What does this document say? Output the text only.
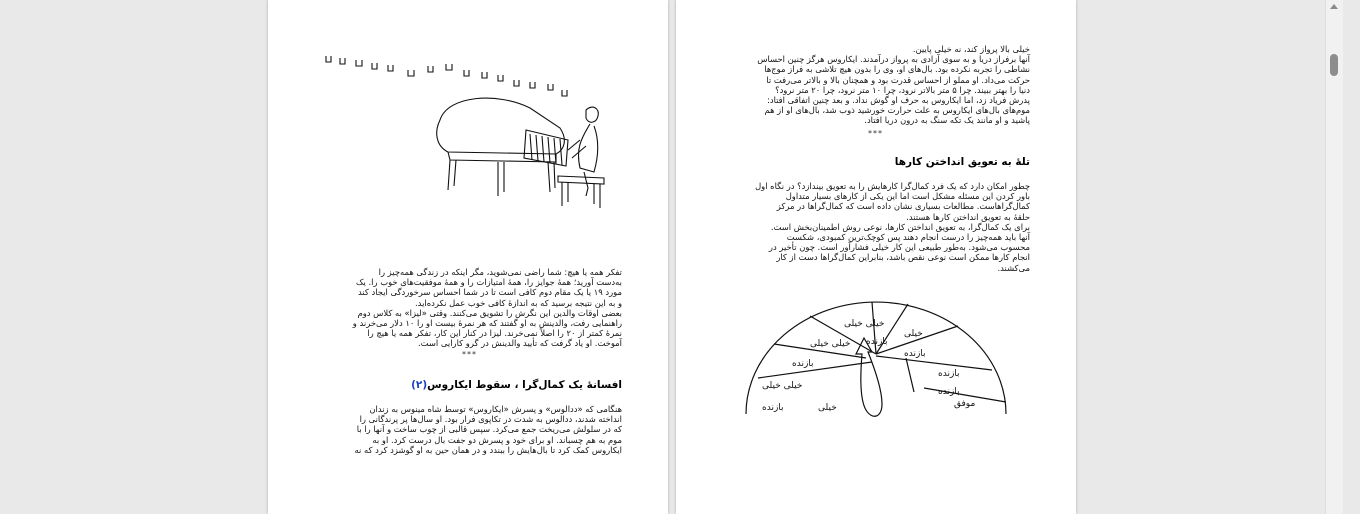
تفکر همه یا هیچ: شما راضی نمی‌شوید، مگر اینکه در زندگی همه‌چیز را
به‌دست آورید؛ همهٔ جوایز را، همهٔ امتیازات را و همهٔ موفقیت‌های خوب را. یک
مورد ۱۹ یا یک مقام دوم کافی است تا در شما احساس سرخوردگی ایجاد کند
و به این نتیجه برسید که به اندازهٔ کافی خوب عمل نکرده‌اید.
بعضی اوقات والدین این نگرش را تشویق می‌کنند. وقتی «لیزا» به کلاس دوم
راهنمایی رفت، والدینش به او گفتند که هر نمرهٔ بیست او را ۱۰ دلار می‌خرند و
نمرهٔ کمتر از ۲۰ را اصلاً نمی‌خرند. لیزا در کنار این کار، تفکر همه یا هیچ را
آموخت. او یاد گرفت که تأیید والدینش در گرو کارایی است.

***
افسانهٔ یک کمال‌گرا ، سقوط ایکاروس(۲)

هنگامی که «ددالوس» و پسرش «ایکاروس» توسط شاه مینوس به زندان
انداخته شدند، ددالوس به شدت در تکاپوی فرار بود. او سال‌ها پر پرندگانی را
که در سلولش می‌ریخت جمع می‌کرد. سپس قالبی از چوب ساخت و آنها را با
موم به هم چسباند. او برای خود و پسرش دو جفت بال درست کرد. او به
ایکاروس کمک کرد تا بال‌هایش را ببندد و در همان حین به او گوشزد کرد که نه

خیلی بالا پرواز کند، نه خیلی پایین.
آنها برفراز دریا و به سوی آزادی به پرواز درآمدند. ایکاروس هرگز چنین احساس
نشاطی را تجربه نکرده بود. بال‌های او، وی را بدون هیچ تلاشی به فراز موج‌ها
حرکت می‌داد. او مملو از احساس قدرت بود و همچنان بالا و بالاتر می‌رفت تا
دنیا را بهتر ببیند. چرا ۵ متر بالاتر نرود، چرا ۱۰ متر نرود، چرا ۲۰ متر نرود؟
پدرش فریاد زد، اما ایکاروس به حرف او گوش نداد. و بعد چنین اتفاقی افتاد:
موم‌های بال‌های ایکاروس به علت حرارت خورشید ذوب شد، بال‌های او از هم
پاشید و او مانند یک تکه سنگ به درون دریا افتاد.

***
تلهٔ به تعویق انداختن کارها

چطور امکان دارد که یک فرد کمال‌گرا کارهایش را به تعویق بیندازد؟ در نگاه اول
باور کردن این مسئله مشکل است اما این یکی از کارهای بسیار متداول
کمال‌گراهاست. مطالعات بسیاری نشان داده است که کمال‌گراها در مرکز
حلقهٔ به تعویق انداختن کارها هستند.
برای یک کمال‌گرا، به تعویق انداختن کارها، نوعی روش اطمینان‌بخش است.
آنها باید همه‌چیز را درست انجام دهند پس کوچک‌ترین کمبودی، شکست
محسوب می‌شود. به‌طور طبیعی این کار خیلی فشارآور است. چون تأخیر در
انجام کارها ممکن است نوعی نقص باشد، بنابراین کمال‌گراها دست از کار
می‌کشند.

خیلی خیلی
بازنده
خیلی
بازنده
خیلی خیلی
بازنده
خیلی خیلی
بازنده	خیلی
بازنده
بازنده
موفق
